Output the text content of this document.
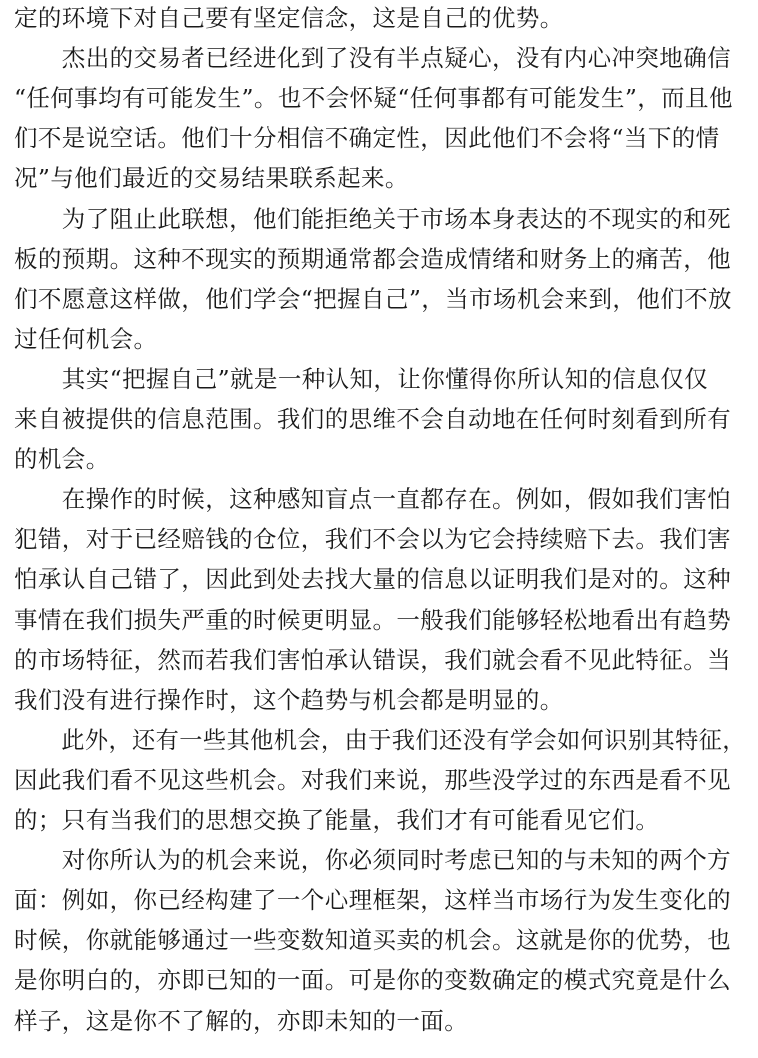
定的环境下对自己要有坚定信念，这是自己的优势。
　　杰出的交易者已经进化到了没有半点疑心，没有内心冲突地确信
“任何事均有可能发生”。也不会怀疑“任何事都有可能发生”，而且他
们不是说空话。他们十分相信不确定性，因此他们不会将“当下的情
况”与他们最近的交易结果联系起来。
　　为了阻止此联想，他们能拒绝关于市场本身表达的不现实的和死
板的预期。这种不现实的预期通常都会造成情绪和财务上的痛苦，他
们不愿意这样做，他们学会“把握自己”，当市场机会来到，他们不放
过任何机会。
　　其实“把握自己”就是一种认知，让你懂得你所认知的信息仅仅
来自被提供的信息范围。我们的思维不会自动地在任何时刻看到所有
的机会。
　　在操作的时候，这种感知盲点一直都存在。例如，假如我们害怕
犯错，对于已经赔钱的仓位，我们不会以为它会持续赔下去。我们害
怕承认自己错了，因此到处去找大量的信息以证明我们是对的。这种
事情在我们损失严重的时候更明显。一般我们能够轻松地看出有趋势
的市场特征，然而若我们害怕承认错误，我们就会看不见此特征。当
我们没有进行操作时，这个趋势与机会都是明显的。
　　此外，还有一些其他机会，由于我们还没有学会如何识别其特征，
因此我们看不见这些机会。对我们来说，那些没学过的东西是看不见
的；只有当我们的思想交换了能量，我们才有可能看见它们。
　　对你所认为的机会来说，你必须同时考虑已知的与未知的两个方
面：例如，你已经构建了一个心理框架，这样当市场行为发生变化的
时候，你就能够通过一些变数知道买卖的机会。这就是你的优势，也
是你明白的，亦即已知的一面。可是你的变数确定的模式究竟是什么
样子，这是你不了解的，亦即未知的一面。
